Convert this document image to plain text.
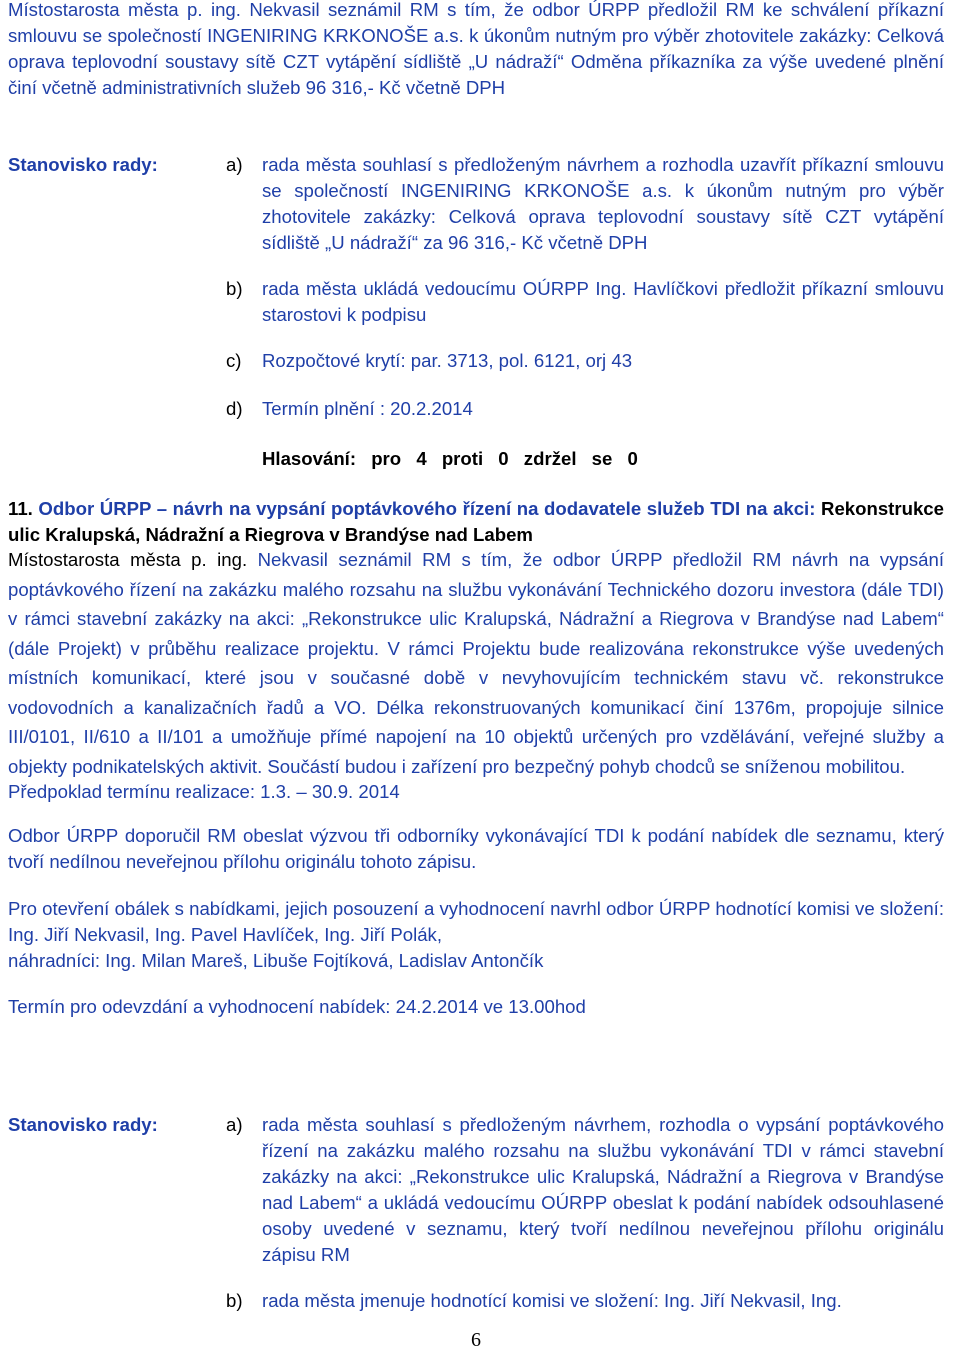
Místostarosta města p. ing. Nekvasil seznámil RM s tím, že odbor ÚRPP předložil RM ke schválení příkazní smlouvu se společností INGENIRING KRKONOŠE a.s. k úkonům nutným pro výběr zhotovitele zakázky: Celková oprava teplovodní soustavy sítě CZT vytápění sídliště „U nádraží“ Odměna příkazníka za výše uvedené plnění činí včetně administrativních služeb 96 316,- Kč včetně DPH

Stanovisko rady:	a) rada města souhlasí s předloženým návrhem a rozhodla uzavřít příkazní smlouvu se společností INGENIRING KRKONOŠE a.s. k úkonům nutným pro výběr zhotovitele zakázky: Celková oprava teplovodní soustavy sítě CZT vytápění sídliště „U nádraží“ za 96 316,- Kč včetně DPH

b) rada města ukládá vedoucímu OÚRPP Ing. Havlíčkovi předložit příkazní smlouvu starostovi k podpisu

c) Rozpočtové krytí: par. 3713, pol. 6121, orj 43

d) Termín plnění : 20.2.2014

Hlasování: pro 4 proti 0 zdržel se 0

11. Odbor ÚRPP – návrh na vypsání poptávkového řízení na dodavatele služeb TDI na akci: Rekonstrukce ulic Kralupská, Nádražní a Riegrova v Brandýse nad Labem

Místostarosta města p. ing. Nekvasil seznámil RM s tím, že odbor ÚRPP předložil RM návrh na vypsání poptávkového řízení na zakázku malého rozsahu na službu vykonávání Technického dozoru investora (dále TDI) v rámci stavební zakázky na akci: „Rekonstrukce ulic Kralupská, Nádražní a Riegrova v Brandýse nad Labem“ (dále Projekt) v průběhu realizace projektu. V rámci Projektu bude realizována rekonstrukce výše uvedených místních komunikací, které jsou v současné době v nevyhovujícím technickém stavu vč. rekonstrukce vodovodních a kanalizačních řadů a VO. Délka rekonstruovaných komunikací činí 1376m, propojuje silnice III/0101, II/610 a II/101 a umožňuje přímé napojení na 10 objektů určených pro vzdělávání, veřejné služby a objekty podnikatelských aktivit. Součástí budou i zařízení pro bezpečný pohyb chodců se sníženou mobilitou.

Předpoklad termínu realizace: 1.3. – 30.9. 2014

Odbor ÚRPP doporučil RM obeslat výzvou tři odborníky vykonávající TDI k podání nabídek dle seznamu, který tvoří nedílnou neveřejnou přílohu originálu tohoto zápisu.

Pro otevření obálek s nabídkami, jejich posouzení a vyhodnocení navrhl odbor ÚRPP hodnotící komisi ve složení: Ing. Jiří Nekvasil, Ing. Pavel Havlíček, Ing. Jiří Polák,

náhradníci: Ing. Milan Mareš, Libuše Fojtíková, Ladislav Antončík

Termín pro odevzdání a vyhodnocení nabídek: 24.2.2014 ve 13.00hod

Stanovisko rady:	a) rada města souhlasí s předloženým návrhem, rozhodla o vypsání poptávkového řízení na zakázku malého rozsahu na službu vykonávání TDI v rámci stavební zakázky na akci: „Rekonstrukce ulic Kralupská, Nádražní a Riegrova v Brandýse nad Labem“ a ukládá vedoucímu OÚRPP obeslat k podání nabídek odsouhlasené osoby uvedené v seznamu, který tvoří nedílnou neveřejnou přílohu originálu zápisu RM

b) rada města jmenuje hodnotící komisi ve složení: Ing. Jiří Nekvasil, Ing.

6
